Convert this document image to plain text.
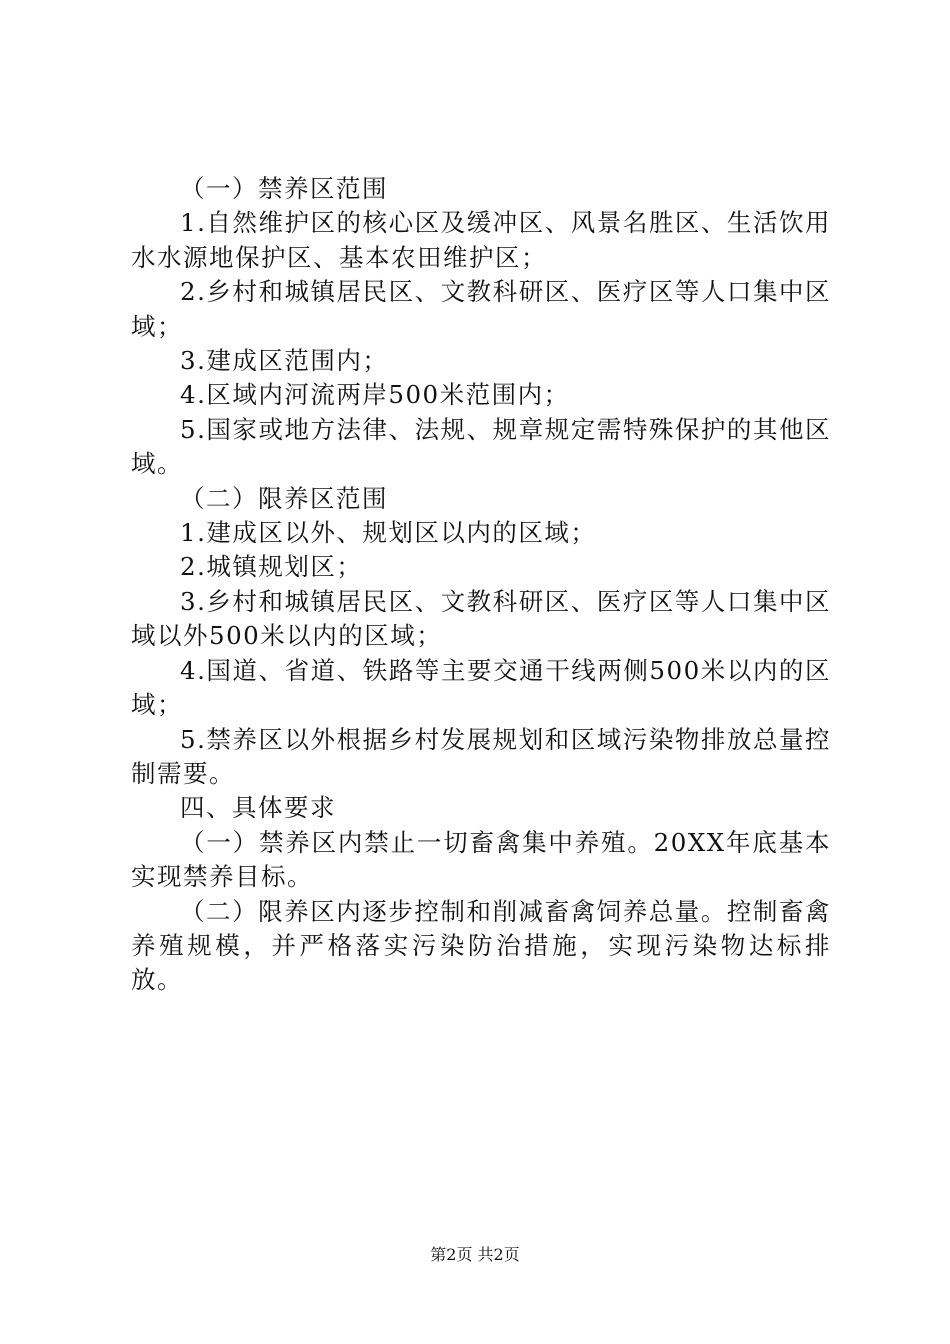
（一）禁养区范围

1.自然维护区的核心区及缓冲区、风景名胜区、生活饮用水水源地保护区、基本农田维护区；

2.乡村和城镇居民区、文教科研区、医疗区等人口集中区域；

3.建成区范围内；

4.区域内河流两岸500米范围内；

5.国家或地方法律、法规、规章规定需特殊保护的其他区域。

（二）限养区范围

1.建成区以外、规划区以内的区域；

2.城镇规划区；

3.乡村和城镇居民区、文教科研区、医疗区等人口集中区域以外500米以内的区域；

4.国道、省道、铁路等主要交通干线两侧500米以内的区域；

5.禁养区以外根据乡村发展规划和区域污染物排放总量控制需要。

四、具体要求

（一）禁养区内禁止一切畜禽集中养殖。20XX年底基本实现禁养目标。

（二）限养区内逐步控制和削减畜禽饲养总量。控制畜禽养殖规模，并严格落实污染防治措施，实现污染物达标排放。

第2页 共2页
